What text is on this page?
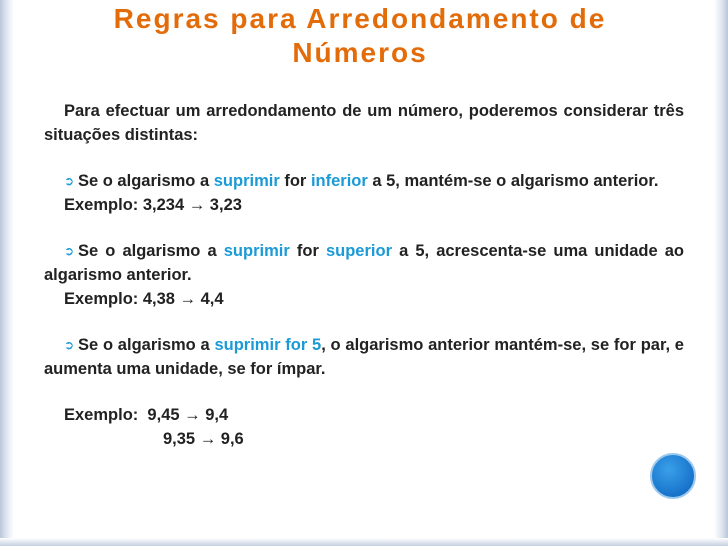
Regras para Arredondamento de
Números

Para efectuar um arredondamento de um número, poderemos considerar três situações distintas:

➲ Se o algarismo a suprimir for inferior a 5, mantém-se o algarismo anterior.

Exemplo: 3,234 → 3,23

➲ Se o algarismo a suprimir for superior a 5, acrescenta-se uma unidade ao algarismo anterior.

Exemplo: 4,38 → 4,4

➲ Se o algarismo a suprimir for 5, o algarismo anterior mantém-se, se for par, e aumenta uma unidade, se for ímpar.

Exemplo:  9,45 → 9,4

9,35 → 9,6
